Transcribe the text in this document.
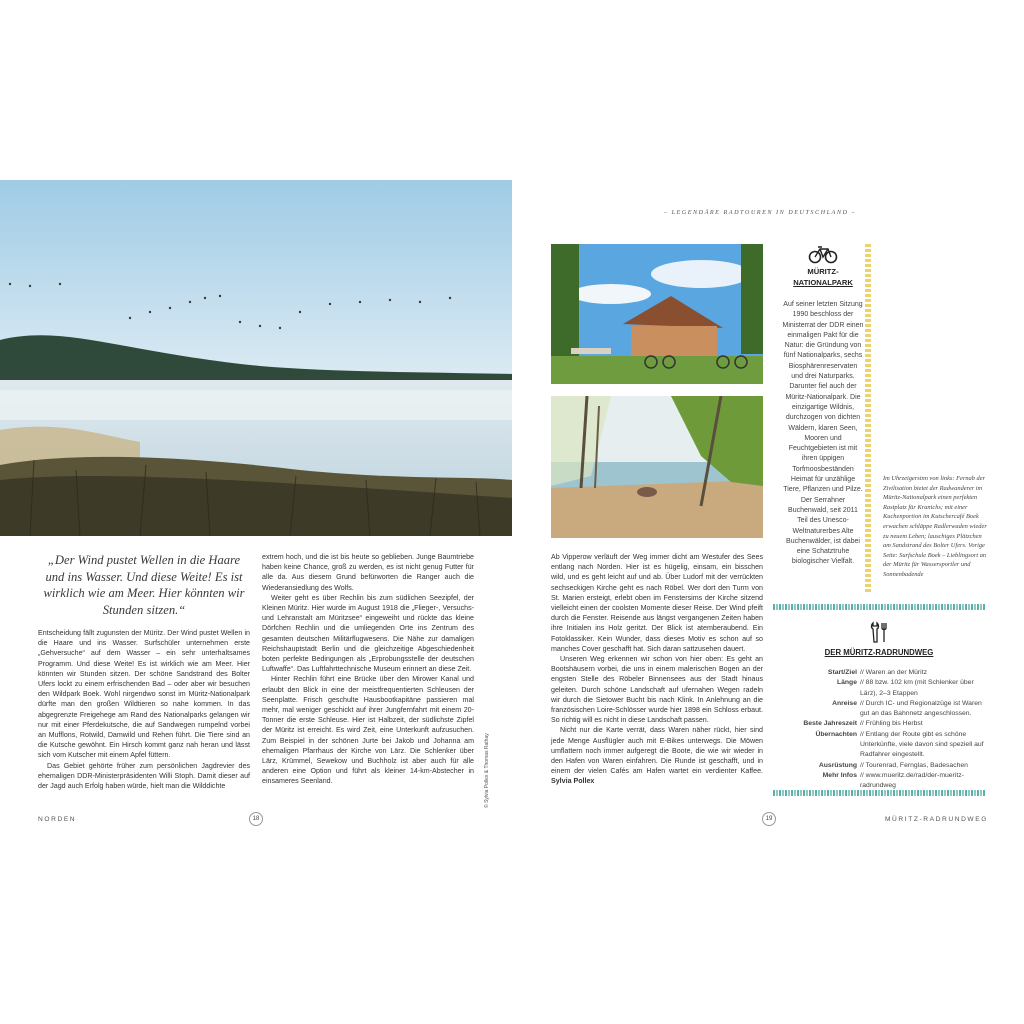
„Der Wind pustet Wellen in die Haare und ins Wasser. Und diese Weite! Es ist wirklich wie am Meer. Hier könnten wir Stunden sitzen.“

Entscheidung fällt zugunsten der Müritz. Der Wind pustet Wellen in die Haare und ins Wasser. Surfschüler unternehmen erste „Gehversuche“ auf dem Wasser – ein sehr unterhaltsames Programm. Und diese Weite! Es ist wirklich wie am Meer. Hier könnten wir Stunden sitzen. Der schöne Sandstrand des Bolter Ufers lockt zu einem erfrischenden Bad – oder aber wir besuchen den Wildpark Boek. Wohl nirgendwo sonst im Müritz-Nationalpark dürfte man den großen Wildtieren so nahe kommen. In das abgegrenzte Freigehege am Rand des Nationalparks gelangen wir nur mit einer Pferdekutsche, die auf Sandwegen rumpelnd vorbei an Mufflons, Rotwild, Damwild und Rehen führt. Die Tiere sind an die Kutsche gewöhnt. Ein Hirsch kommt ganz nah heran und lässt sich vom Kutscher mit einem Apfel füttern.

Das Gebiet gehörte früher zum persönlichen Jagdrevier des ehemaligen DDR-Ministerpräsidenten Willi Stoph. Damit dieser auf der Jagd auch Erfolg haben würde, hielt man die Wilddichte

extrem hoch, und die ist bis heute so geblieben. Junge Baumtriebe haben keine Chance, groß zu werden, es ist nicht genug Futter für alle da. Aus diesem Grund befürworten die Ranger auch die Wiederansiedlung des Wolfs.

Weiter geht es über Rechlin bis zum südlichen Seezipfel, der Kleinen Müritz. Hier wurde im August 1918 die „Flieger-, Versuchs- und Lehranstalt am Müritzsee“ eingeweiht und rückte das kleine Dörfchen Rechlin und die umliegenden Orte ins Zentrum des gesamten deutschen Militärflugwesens. Die Nähe zur damaligen Reichshauptstadt Berlin und die gleichzeitige Abgeschiedenheit boten perfekte Bedingungen als „Erprobungsstelle der deutschen Luftwaffe“. Das Luftfahrttechnische Museum erinnert an diese Zeit.

Hinter Rechlin führt eine Brücke über den Mirower Kanal und erlaubt den Blick in eine der meistfrequentierten Schleusen der Seenplatte. Frisch geschulte Hausbootkapitäne passieren mal mehr, mal weniger geschickt auf ihrer Jungfernfahrt mit einem 20-Tonner die erste Schleuse. Hier ist Halbzeit, der südlichste Zipfel der Müritz ist erreicht. Es wird Zeit, eine Unterkunft aufzusuchen. Zum Beispiel in der schönen Jurte bei Jakob und Johanna am ehemaligen Pfarrhaus der Kirche von Lärz. Die Schlenker über Lärz, Krümmel, Sewekow und Buchholz ist aber auch für alle anderen eine Option und führt als kleiner 14-km-Abstecher in einsameres Seenland.	© Sylvia Pollex & Thomas Rathay
NORDEN	18
– LEGENDÄRE RADTOUREN IN DEUTSCHLAND –

Ab Vipperow verläuft der Weg immer dicht am Westufer des Sees entlang nach Norden. Hier ist es hügelig, einsam, ein bisschen wild, und es geht leicht auf und ab. Über Ludorf mit der verrückten sechseckigen Kirche geht es nach Röbel. Wer dort den Turm von St. Marien ersteigt, erlebt oben im Fenstersims der Kirche sitzend vielleicht einen der coolsten Momente dieser Reise. Der Wind pfeift durch die Fenster. Reisende aus längst vergangenen Zeiten haben ihre Initialen ins Holz geritzt. Der Blick ist atemberaubend. Ein Fotoklassiker. Kein Wunder, dass dieses Motiv es schon auf so manches Cover geschafft hat. Sich daran sattzusehen dauert.

Unseren Weg erkennen wir schon von hier oben: Es geht an Bootshäusern vorbei, die uns in einem malerischen Bogen an der engsten Stelle des Röbeler Binnensees aus der Stadt hinaus geleiten. Durch schöne Landschaft auf ufernahen Wegen radeln wir durch die Sietower Bucht bis nach Klink. In Anlehnung an die französischen Loire-Schlösser wurde hier 1898 ein Schloss erbaut. So richtig will es nicht in diese Landschaft passen.

Nicht nur die Karte verrät, dass Waren näher rückt, hier sind jede Menge Ausflügler auch mit E-Bikes unterwegs. Die Möwen umflattern noch immer aufgeregt die Boote, die wie wir wieder in den Hafen von Waren einfahren. Die Runde ist geschafft, und in einem der vielen Cafés am Hafen wartet ein verdienter Kaffee. Sylvia Pollex

MÜRITZ-
NATIONALPARK
Auf seiner letzten Sitzung 1990 beschloss der Ministerrat der DDR einen einmaligen Pakt für die Natur: die Gründung von fünf Nationalparks, sechs Biosphärenreservaten und drei Naturparks. Darunter fiel auch der Müritz-Nationalpark. Die einzigartige Wildnis, durchzogen von dichten Wäldern, klaren Seen, Mooren und Feuchtgebieten ist mit ihren üppigen Torfmoosbeständen Heimat für unzählige Tiere, Pflanzen und Pilze. Der Serrahner Buchenwald, seit 2011 Teil des Unesco-Weltnaturerbes Alte Buchenwälder, ist dabei eine Schatztruhe biologischer Vielfalt.
Im Uhrzeigersinn von links: Fernab der Zivilisation bietet der Radwanderer im Müritz-Nationalpark einen perfekten Rastplatz für Kranichs; mit einer Kuchenportion im Kutschercafé Boek erwachen schläppe Radlerwaden wieder zu neuem Leben; lauschiges Plätzchen am Sandstrand des Bolter Ufers. Vorige Seite: Surfschule Boek – Lieblingsort an der Müritz für Wassersportler und Sonnenbadende
DER MÜRITZ-RADRUNDWEG
Start/Ziel // Waren an der Müritz
Länge // 88 bzw. 102 km (mit Schlenker über Lärz), 2–3 Etappen
Anreise // Durch IC- und Regionalzüge ist Waren gut an das Bahnnetz angeschlossen.
Beste Jahreszeit // Frühling bis Herbst
Übernachten // Entlang der Route gibt es schöne Unterkünfte, viele davon sind speziell auf Radfahrer eingestellt.
Ausrüstung // Tourenrad, Fernglas, Badesachen
Mehr Infos // www.mueritz.de/rad/der-mueritz-radrundweg
19	MÜRITZ-RADRUNDWEG
